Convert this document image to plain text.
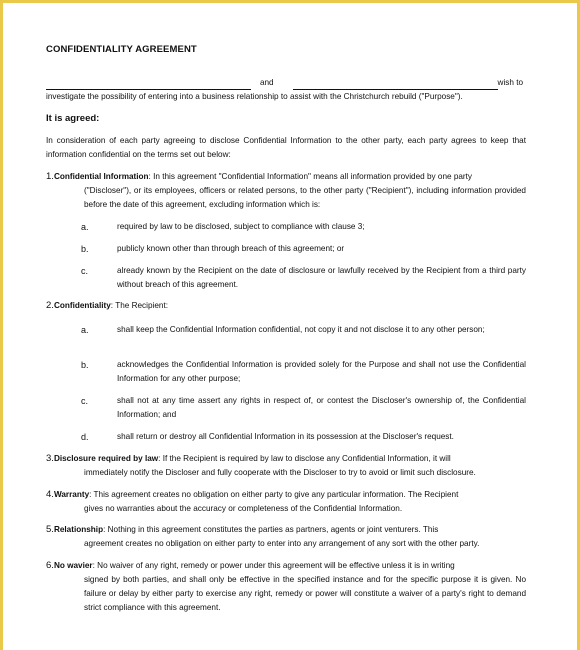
CONFIDENTIALITY AGREEMENT
and	wish to
investigate the possibility of entering into a business relationship to assist with the Christchurch rebuild ("Purpose").
It is agreed:
In consideration of each party agreeing to disclose Confidential Information to the other party, each party agrees to keep that information confidential on the terms set out below:
1.Confidential Information: In this agreement "Confidential Information" means all information provided by one party
("Discloser"), or its employees, officers or related persons, to the other party ("Recipient"), including information provided before the date of this agreement, excluding information which is:
a.	required by law to be disclosed, subject to compliance with clause 3;
b.	publicly known other than through breach of this agreement; or
c.	already known by the Recipient on the date of disclosure or lawfully received by the Recipient from a third party without breach of this agreement.
2.Confidentiality: The Recipient:
a.	shall keep the Confidential Information confidential, not copy it and not disclose it to any other person;
b.	acknowledges the Confidential Information is provided solely for the Purpose and shall not use the Confidential Information for any other purpose;
c.	shall not at any time assert any rights in respect of, or contest the Discloser's ownership of, the Confidential Information; and
d.	shall return or destroy all Confidential Information in its possession at the Discloser's request.
3.Disclosure required by law: If the Recipient is required by law to disclose any Confidential Information, it will
immediately notify the Discloser and fully cooperate with the Discloser to try to avoid or limit such disclosure.
4.Warranty: This agreement creates no obligation on either party to give any particular information. The Recipient
gives no warranties about the accuracy or completeness of the Confidential Information.
5.Relationship: Nothing in this agreement constitutes the parties as partners, agents or joint venturers. This
agreement creates no obligation on either party to enter into any arrangement of any sort with the other party.
6.No wavier: No waiver of any right, remedy or power under this agreement will be effective unless it is in writing
signed by both parties, and shall only be effective in the specified instance and for the specific purpose it is given. No failure or delay by either party to exercise any right, remedy or power will constitute a waiver of a party's right to demand strict compliance with this agreement.
